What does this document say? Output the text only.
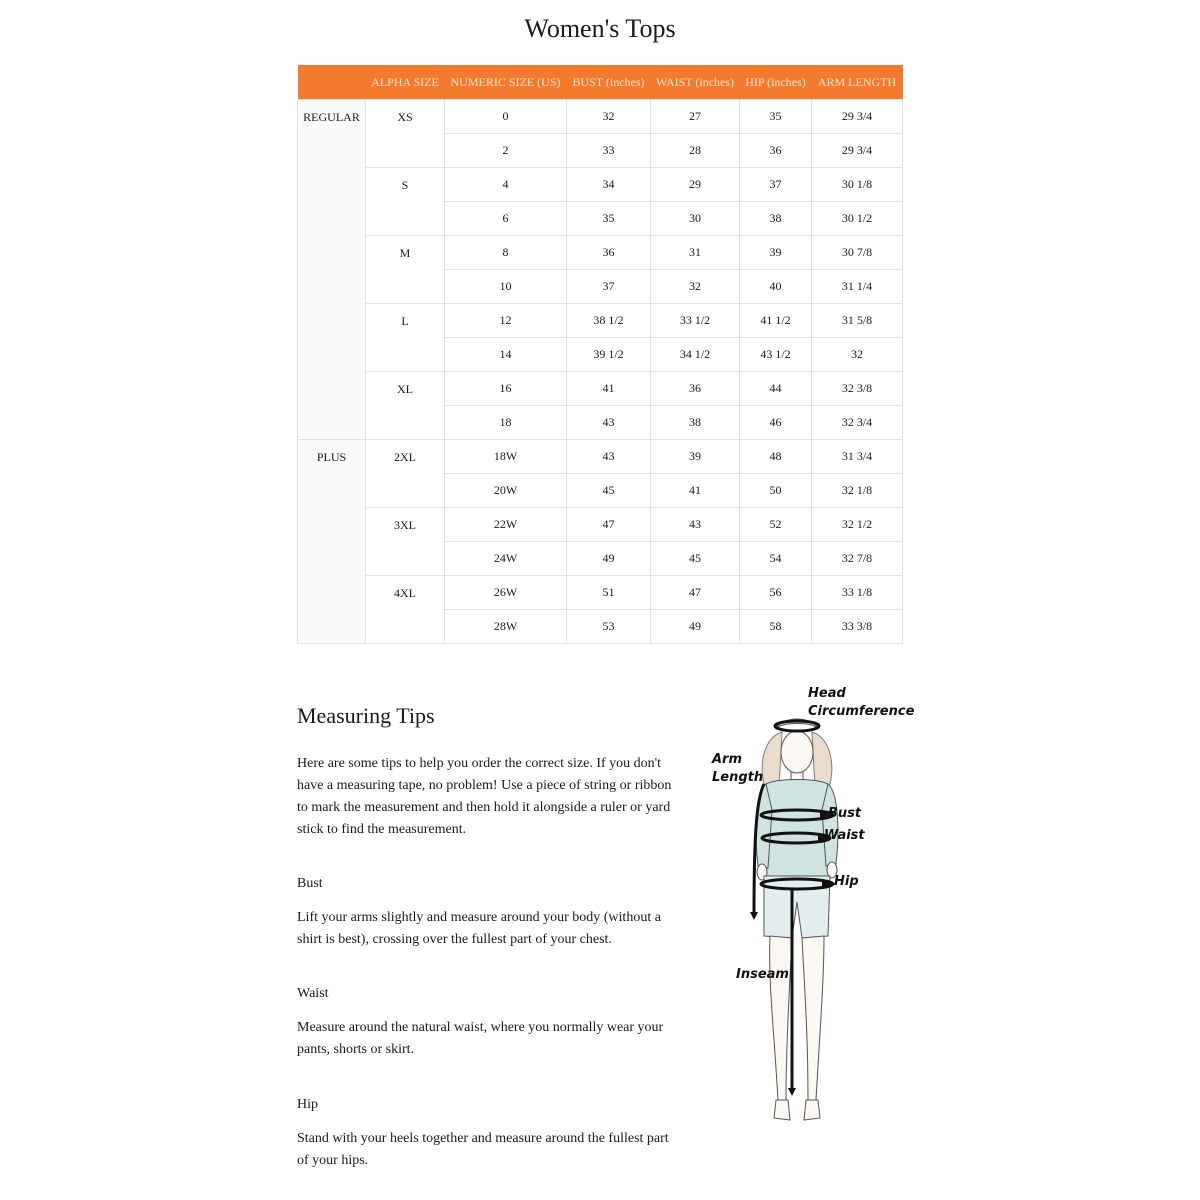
Women's Tops
	ALPHA SIZE	NUMERIC SIZE (US)	BUST (inches)	WAIST (inches)	HIP (inches)	ARM LENGTH
REGULAR	XS	0	32	27	35	29 3/4
		2	33	28	36	29 3/4
	S	4	34	29	37	30 1/8
		6	35	30	38	30 1/2
	M	8	36	31	39	30 7/8
		10	37	32	40	31 1/4
	L	12	38 1/2	33 1/2	41 1/2	31 5/8
		14	39 1/2	34 1/2	43 1/2	32
	XL	16	41	36	44	32 3/8
		18	43	38	46	32 3/4
PLUS	2XL	18W	43	39	48	31 3/4
		20W	45	41	50	32 1/8
	3XL	22W	47	43	52	32 1/2
		24W	49	45	54	32 7/8
	4XL	26W	51	47	56	33 1/8
		28W	53	49	58	33 3/8
Measuring Tips

Here are some tips to help you order the correct size. If you don't have a measuring tape, no problem! Use a piece of string or ribbon to mark the measurement and then hold it alongside a ruler or yard stick to find the measurement.

Bust

Lift your arms slightly and measure around your body (without a shirt is best), crossing over the fullest part of your chest.

Waist

Measure around the natural waist, where you normally wear your pants, shorts or skirt.

Hip

Stand with your heels together and measure around the fullest part of your hips.

Head
Circumference
Arm
Length
Bust
Waist
Hip
Inseam
